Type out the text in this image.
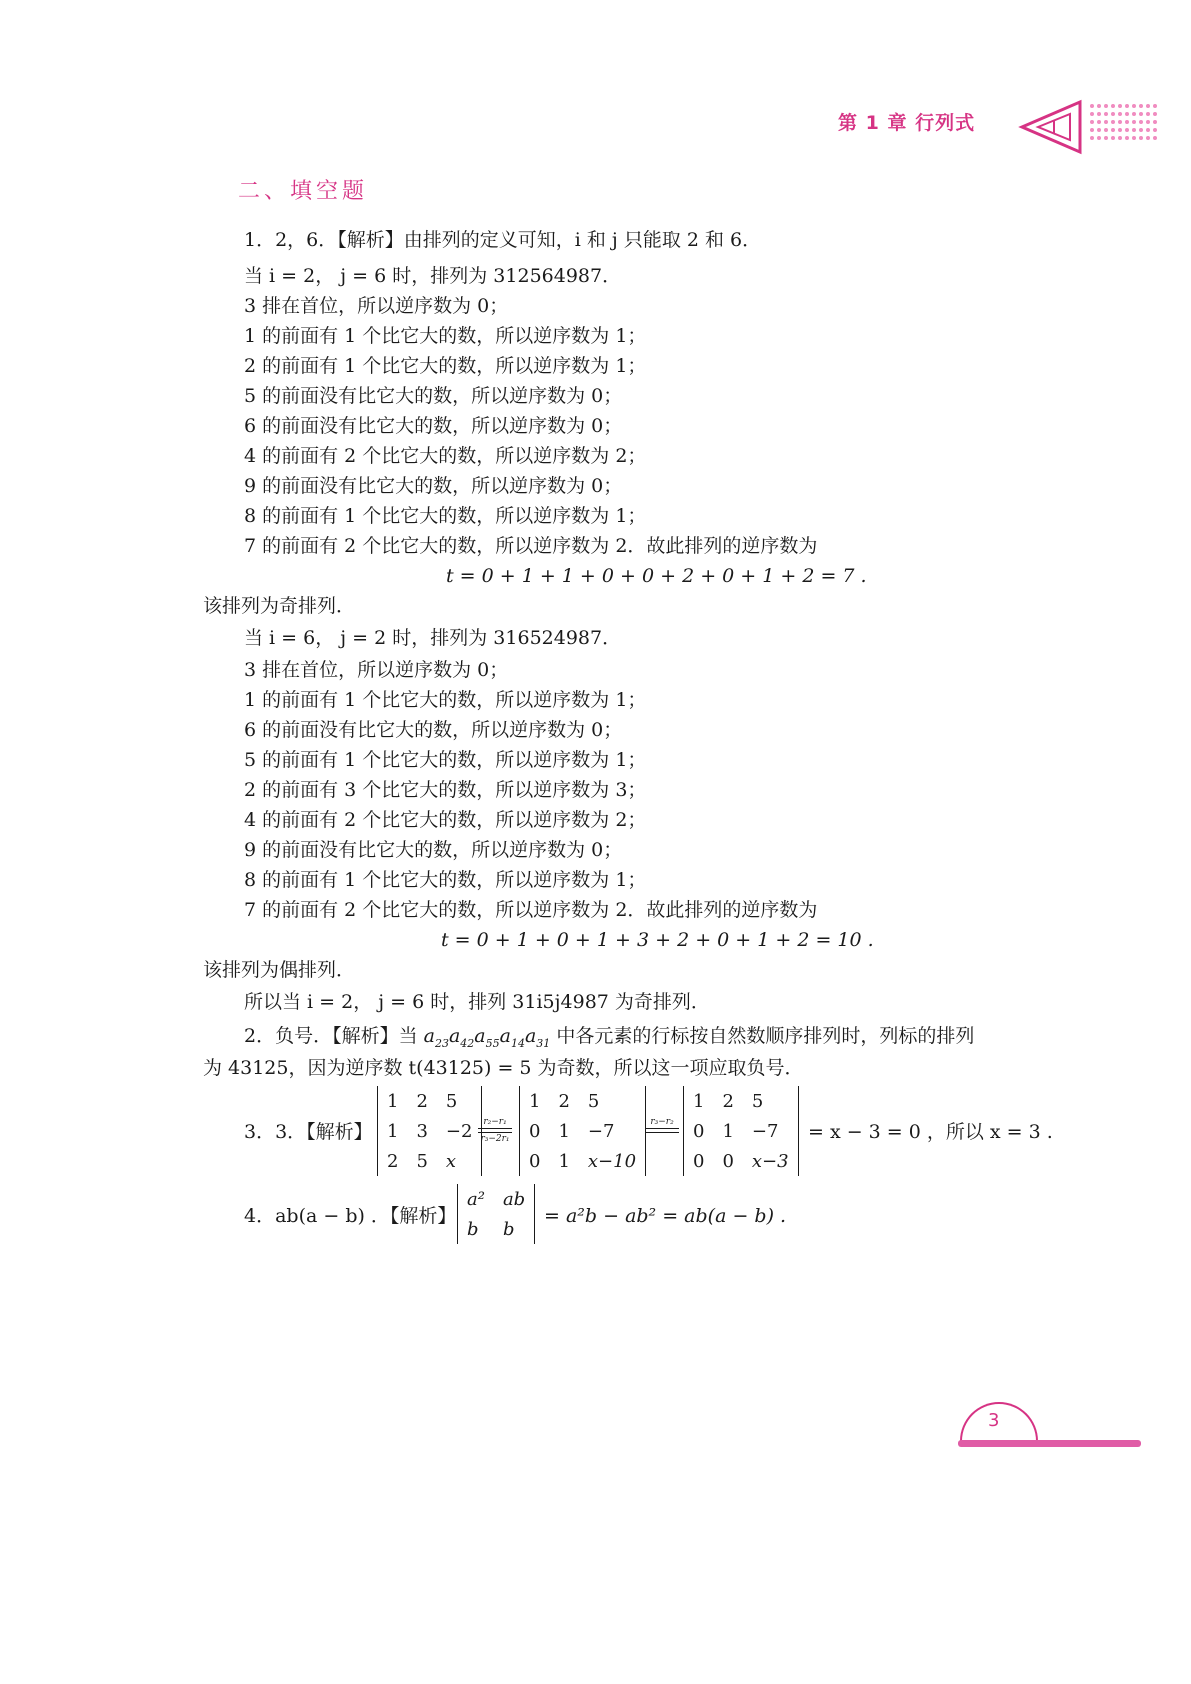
第 1 章 行列式
二、填空题
1．2，6．【解析】由排列的定义可知，i 和 j 只能取 2 和 6．
当 i = 2， j = 6 时，排列为 312564987．
3 排在首位，所以逆序数为 0；
1 的前面有 1 个比它大的数，所以逆序数为 1；
2 的前面有 1 个比它大的数，所以逆序数为 1；
5 的前面没有比它大的数，所以逆序数为 0；
6 的前面没有比它大的数，所以逆序数为 0；
4 的前面有 2 个比它大的数，所以逆序数为 2；
9 的前面没有比它大的数，所以逆序数为 0；
8 的前面有 1 个比它大的数，所以逆序数为 1；
7 的前面有 2 个比它大的数，所以逆序数为 2．故此排列的逆序数为
t = 0 + 1 + 1 + 0 + 0 + 2 + 0 + 1 + 2 = 7 .
该排列为奇排列．
当 i = 6， j = 2 时，排列为 316524987．
3 排在首位，所以逆序数为 0；
1 的前面有 1 个比它大的数，所以逆序数为 1；
6 的前面没有比它大的数，所以逆序数为 0；
5 的前面有 1 个比它大的数，所以逆序数为 1；
2 的前面有 3 个比它大的数，所以逆序数为 3；
4 的前面有 2 个比它大的数，所以逆序数为 2；
9 的前面没有比它大的数，所以逆序数为 0；
8 的前面有 1 个比它大的数，所以逆序数为 1；
7 的前面有 2 个比它大的数，所以逆序数为 2．故此排列的逆序数为
t = 0 + 1 + 0 + 1 + 3 + 2 + 0 + 1 + 2 = 10 .
该排列为偶排列．
所以当 i = 2， j = 6 时，排列 31i5j4987 为奇排列．
2．负号．【解析】当 $a_{23}a_{42}a_{55}a_{14}a_{31}$ 中各元素的行标按自然数顺序排列时，列标的排列
为 43125，因为逆序数 t(43125) = 5 为奇数，所以这一项应取负号．
3．3．【解析】
1	2	5
1	3	−2
2	5	x
r₂−r₁
r₃−2r₁
1	2	5
0	1	−7
0	1	x−10
r₃−r₂
1	2	5
0	1	−7
0	0	x−3
= x − 3 = 0 ，所以 x = 3 .
4．ab(a − b) ．【解析】
a²	ab
b	b
= a²b − ab² = ab(a − b) .
3
